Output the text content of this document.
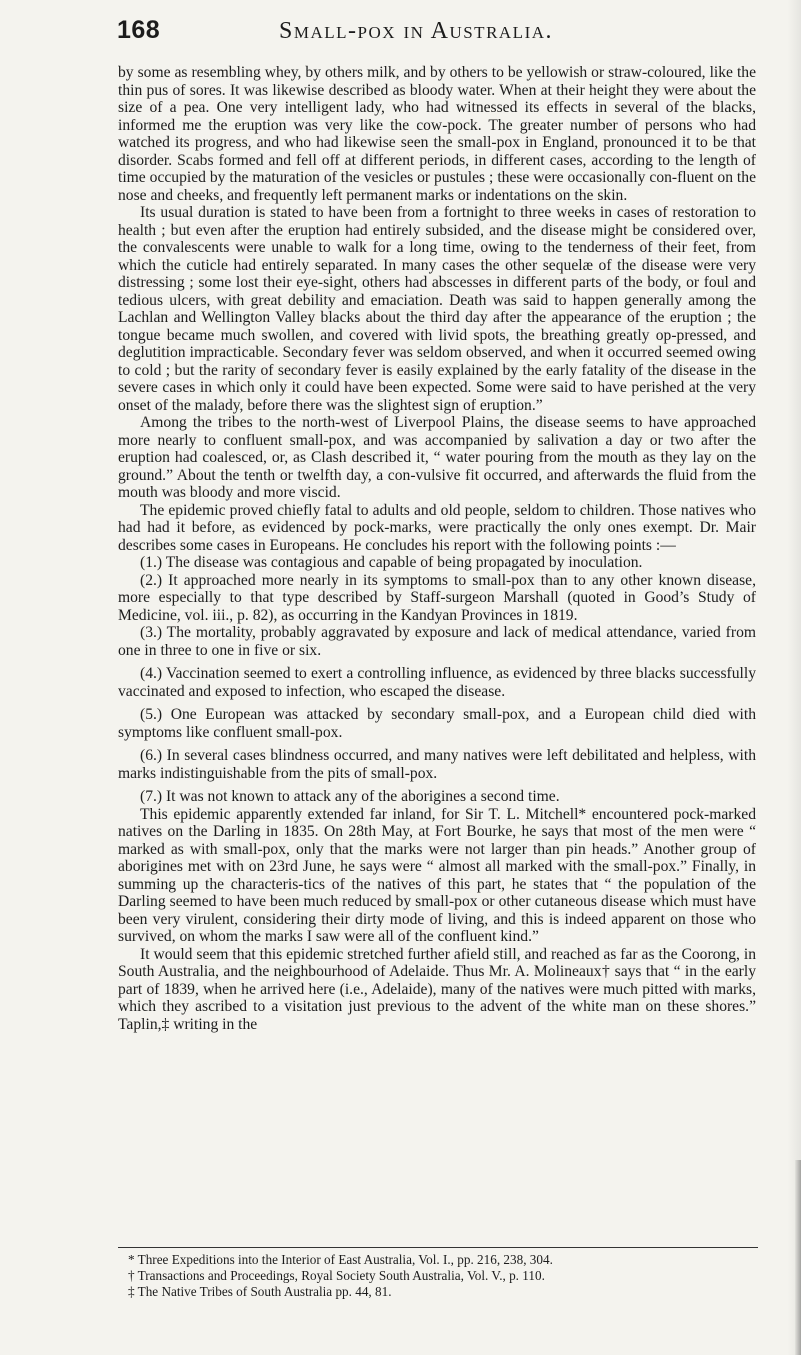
168	Small-pox in Australia.

by some as resembling whey, by others milk, and by others to be yellowish or straw-coloured, like the thin pus of sores. It was likewise described as bloody water. When at their height they were about the size of a pea. One very intelligent lady, who had witnessed its effects in several of the blacks, informed me the eruption was very like the cow-pock. The greater number of persons who had watched its progress, and who had likewise seen the small-pox in England, pronounced it to be that disorder. Scabs formed and fell off at different periods, in different cases, according to the length of time occupied by the maturation of the vesicles or pustules ; these were occasionally con-fluent on the nose and cheeks, and frequently left permanent marks or indentations on the skin.

Its usual duration is stated to have been from a fortnight to three weeks in cases of restoration to health ; but even after the eruption had entirely subsided, and the disease might be considered over, the convalescents were unable to walk for a long time, owing to the tenderness of their feet, from which the cuticle had entirely separated. In many cases the other sequelæ of the disease were very distressing ; some lost their eye-sight, others had abscesses in different parts of the body, or foul and tedious ulcers, with great debility and emaciation. Death was said to happen generally among the Lachlan and Wellington Valley blacks about the third day after the appearance of the eruption ; the tongue became much swollen, and covered with livid spots, the breathing greatly op-pressed, and deglutition impracticable. Secondary fever was seldom observed, and when it occurred seemed owing to cold ; but the rarity of secondary fever is easily explained by the early fatality of the disease in the severe cases in which only it could have been expected. Some were said to have perished at the very onset of the malady, before there was the slightest sign of eruption.”

Among the tribes to the north-west of Liverpool Plains, the disease seems to have approached more nearly to confluent small-pox, and was accompanied by salivation a day or two after the eruption had coalesced, or, as Clash described it, “ water pouring from the mouth as they lay on the ground.” About the tenth or twelfth day, a con-vulsive fit occurred, and afterwards the fluid from the mouth was bloody and more viscid.

The epidemic proved chiefly fatal to adults and old people, seldom to children. Those natives who had had it before, as evidenced by pock-marks, were practically the only ones exempt. Dr. Mair describes some cases in Europeans. He concludes his report with the following points :—

(1.) The disease was contagious and capable of being propagated by inoculation.

(2.) It approached more nearly in its symptoms to small-pox than to any other known disease, more especially to that type described by Staff-surgeon Marshall (quoted in Good’s Study of Medicine, vol. iii., p. 82), as occurring in the Kandyan Provinces in 1819.

(3.) The mortality, probably aggravated by exposure and lack of medical attendance, varied from one in three to one in five or six.

(4.) Vaccination seemed to exert a controlling influence, as evidenced by three blacks successfully vaccinated and exposed to infection, who escaped the disease.

(5.) One European was attacked by secondary small-pox, and a European child died with symptoms like confluent small-pox.

(6.) In several cases blindness occurred, and many natives were left debilitated and helpless, with marks indistinguishable from the pits of small-pox.

(7.) It was not known to attack any of the aborigines a second time.

This epidemic apparently extended far inland, for Sir T. L. Mitchell* encountered pock-marked natives on the Darling in 1835. On 28th May, at Fort Bourke, he says that most of the men were “ marked as with small-pox, only that the marks were not larger than pin heads.” Another group of aborigines met with on 23rd June, he says were “ almost all marked with the small-pox.” Finally, in summing up the characteris-tics of the natives of this part, he states that “ the population of the Darling seemed to have been much reduced by small-pox or other cutaneous disease which must have been very virulent, considering their dirty mode of living, and this is indeed apparent on those who survived, on whom the marks I saw were all of the confluent kind.”

It would seem that this epidemic stretched further afield still, and reached as far as the Coorong, in South Australia, and the neighbourhood of Adelaide. Thus Mr. A. Molineaux† says that “ in the early part of 1839, when he arrived here (i.e., Adelaide), many of the natives were much pitted with marks, which they ascribed to a visitation just previous to the advent of the white man on these shores.” Taplin,‡ writing in the

* Three Expeditions into the Interior of East Australia, Vol. I., pp. 216, 238, 304.
† Transactions and Proceedings, Royal Society South Australia, Vol. V., p. 110.
‡ The Native Tribes of South Australia pp. 44, 81.
